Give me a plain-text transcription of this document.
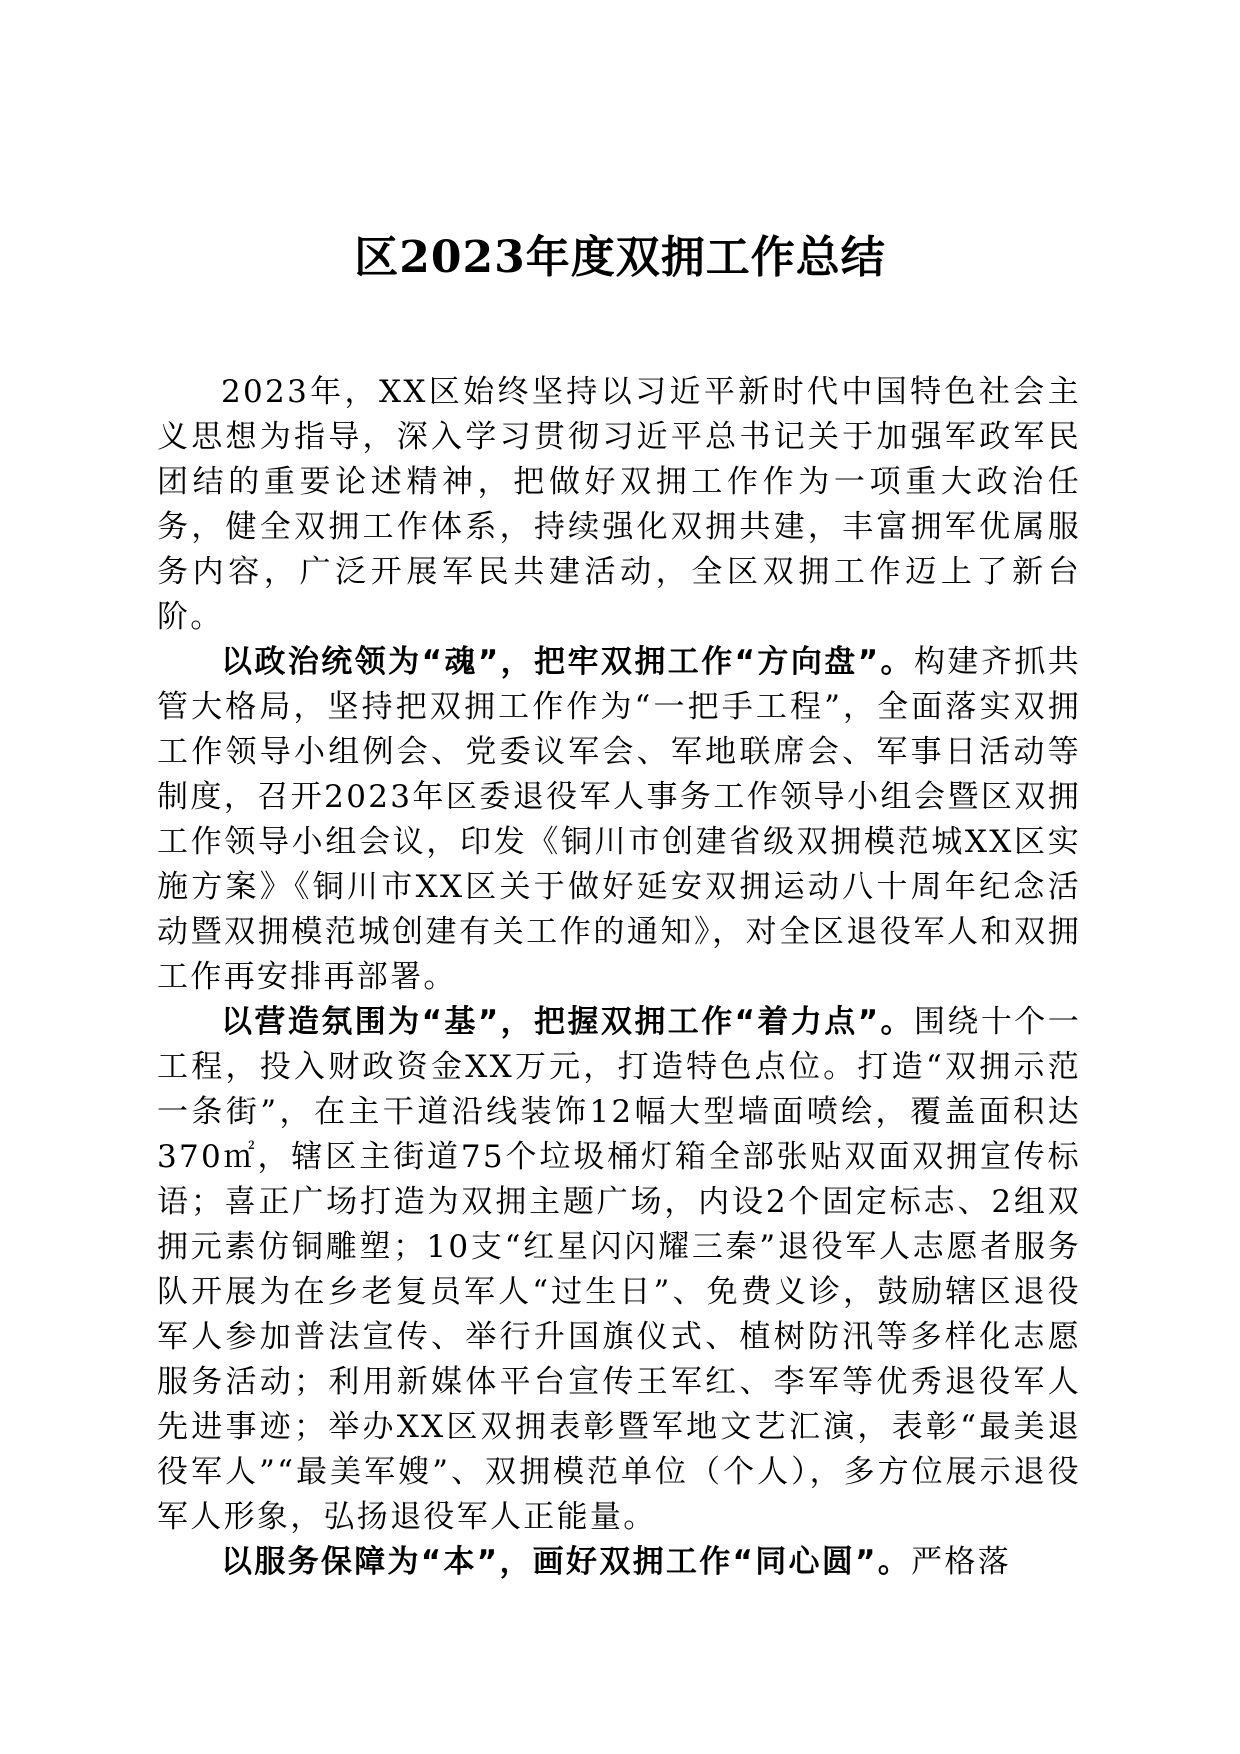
区2023年度双拥工作总结

2023年，XX区始终坚持以习近平新时代中国特色社会主义思想为指导，深入学习贯彻习近平总书记关于加强军政军民团结的重要论述精神，把做好双拥工作作为一项重大政治任务，健全双拥工作体系，持续强化双拥共建，丰富拥军优属服务内容，广泛开展军民共建活动，全区双拥工作迈上了新台阶。

以政治统领为“魂”，把牢双拥工作“方向盘”。构建齐抓共管大格局，坚持把双拥工作作为“一把手工程”，全面落实双拥工作领导小组例会、党委议军会、军地联席会、军事日活动等制度，召开2023年区委退役军人事务工作领导小组会暨区双拥工作领导小组会议，印发《铜川市创建省级双拥模范城XX区实施方案》《铜川市XX区关于做好延安双拥运动八十周年纪念活动暨双拥模范城创建有关工作的通知》，对全区退役军人和双拥工作再安排再部署。

以营造氛围为“基”，把握双拥工作“着力点”。围绕十个一工程，投入财政资金XX万元，打造特色点位。打造“双拥示范一条街”，在主干道沿线装饰12幅大型墙面喷绘，覆盖面积达370㎡，辖区主街道75个垃圾桶灯箱全部张贴双面双拥宣传标语；喜正广场打造为双拥主题广场，内设2个固定标志、2组双拥元素仿铜雕塑；10支“红星闪闪耀三秦”退役军人志愿者服务队开展为在乡老复员军人“过生日”、免费义诊，鼓励辖区退役军人参加普法宣传、举行升国旗仪式、植树防汛等多样化志愿服务活动；利用新媒体平台宣传王军红、李军等优秀退役军人先进事迹；举办XX区双拥表彰暨军地文艺汇演，表彰“最美退役军人”“最美军嫂”、双拥模范单位（个人），多方位展示退役军人形象，弘扬退役军人正能量。

以服务保障为“本”，画好双拥工作“同心圆”。严格落
